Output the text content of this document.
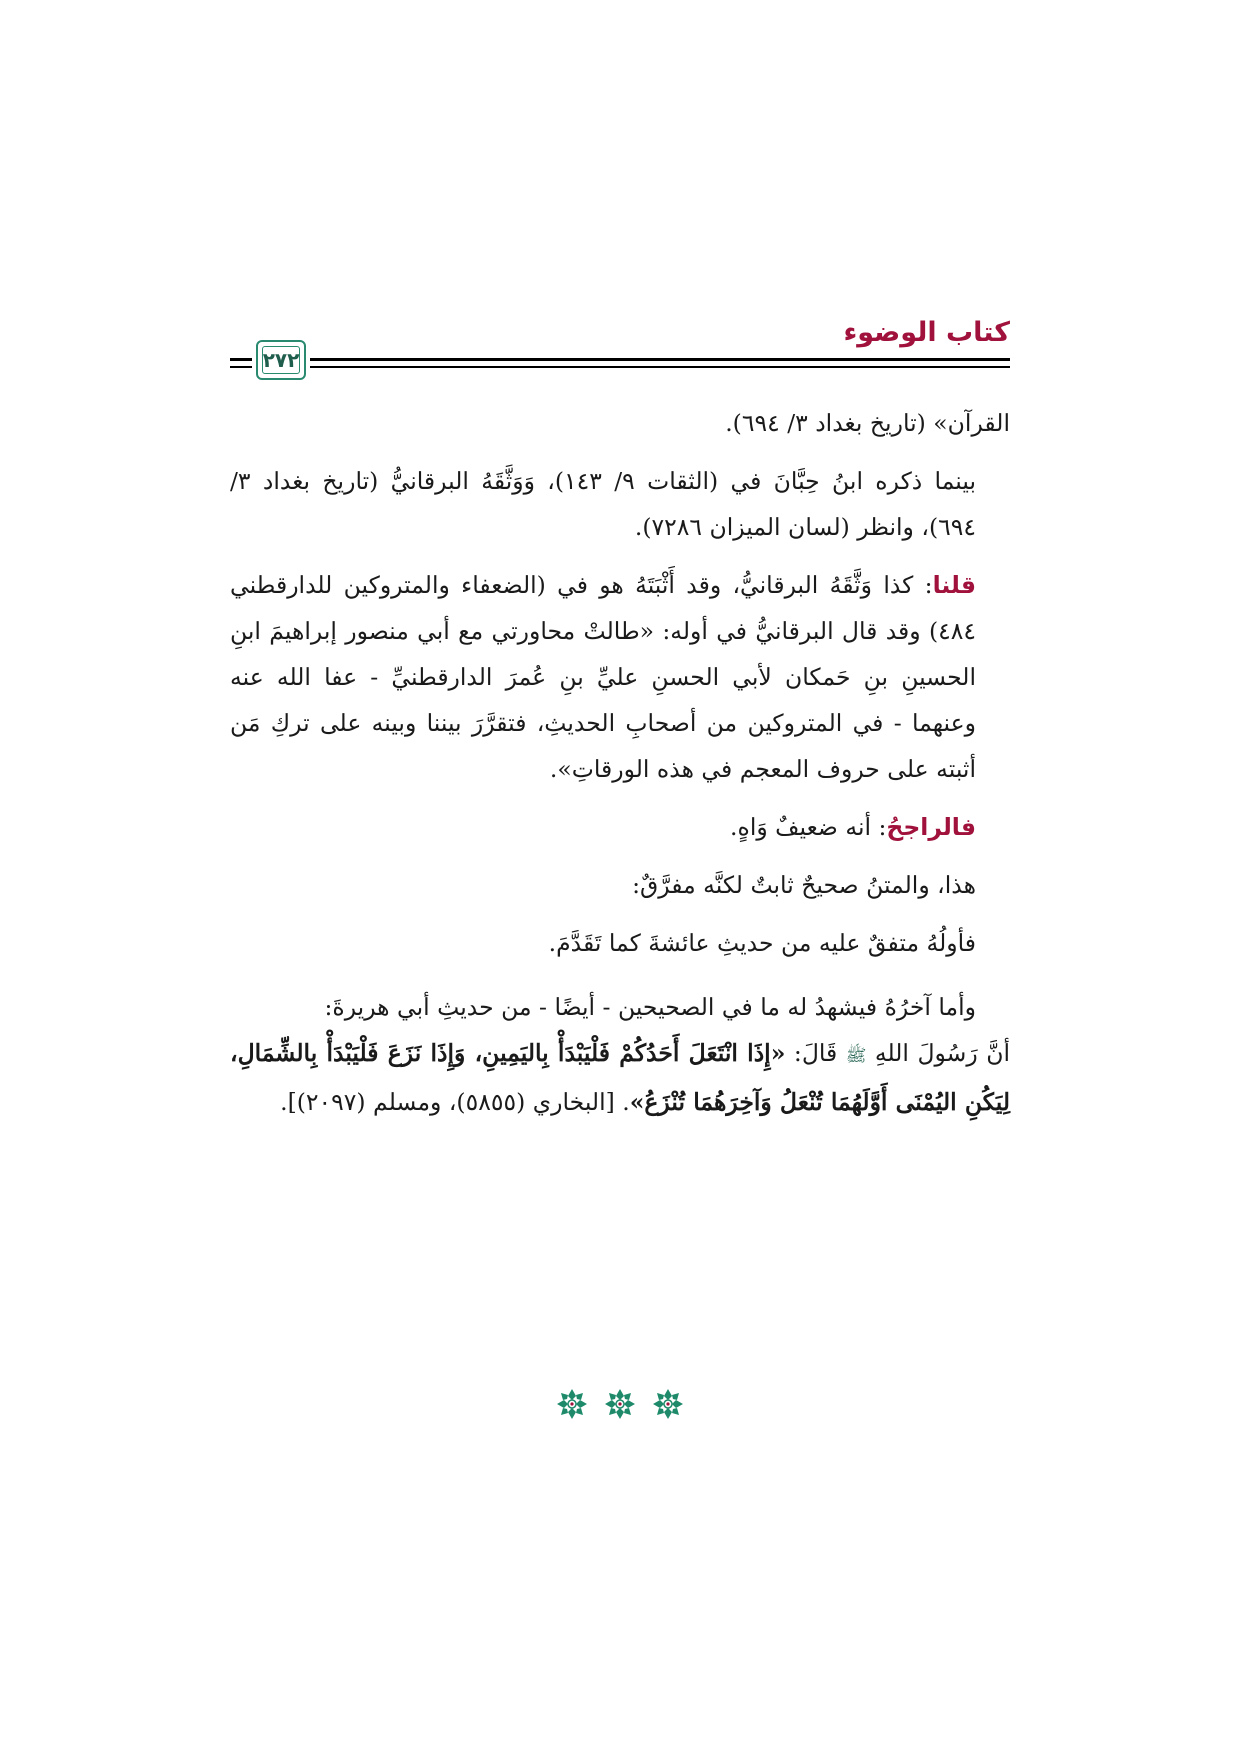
كتاب الوضوء
٢٧٢

القرآن» (تاريخ بغداد ٣/ ٦٩٤).

بينما ذكره ابنُ حِبَّانَ في (الثقات ٩/ ١٤٣)، وَوَثَّقَهُ البرقانيُّ (تاريخ بغداد ٣/ ٦٩٤)، وانظر (لسان الميزان ٧٢٨٦).

قلنا: كذا وَثَّقَهُ البرقانيُّ، وقد أَثْبَتَهُ هو في (الضعفاء والمتروكين للدارقطني ٤٨٤) وقد قال البرقانيُّ في أوله: «طالتْ محاورتي مع أبي منصور إبراهيمَ ابنِ الحسينِ بنِ حَمكان لأبي الحسنِ عليِّ بنِ عُمرَ الدارقطنيِّ - عفا الله عنه وعنهما - في المتروكين من أصحابِ الحديثِ، فتقرَّرَ بيننا وبينه على تركِ مَن أثبته على حروف المعجم في هذه الورقاتِ».

فالراجحُ: أنه ضعيفٌ وَاهٍ.

هذا، والمتنُ صحيحٌ ثابتٌ لكنَّه مفرَّقٌ:

فأولُهُ متفقٌ عليه من حديثِ عائشةَ كما تَقَدَّمَ.

وأما آخرُهُ فيشهدُ له ما في الصحيحين - أيضًا - من حديثِ أبي هريرةَ:

أنَّ رَسُولَ اللهِ ﷺ قَالَ: «إِذَا انْتَعَلَ أَحَدُكُمْ فَلْيَبْدَأْ بِاليَمِينِ، وَإِذَا نَزَعَ فَلْيَبْدَأْ بِالشِّمَالِ، لِيَكُنِ اليُمْنَى أَوَّلَهُمَا تُنْعَلُ وَآخِرَهُمَا تُنْزَعُ». [البخاري (٥٨٥٥)، ومسلم (٢٠٩٧)].
